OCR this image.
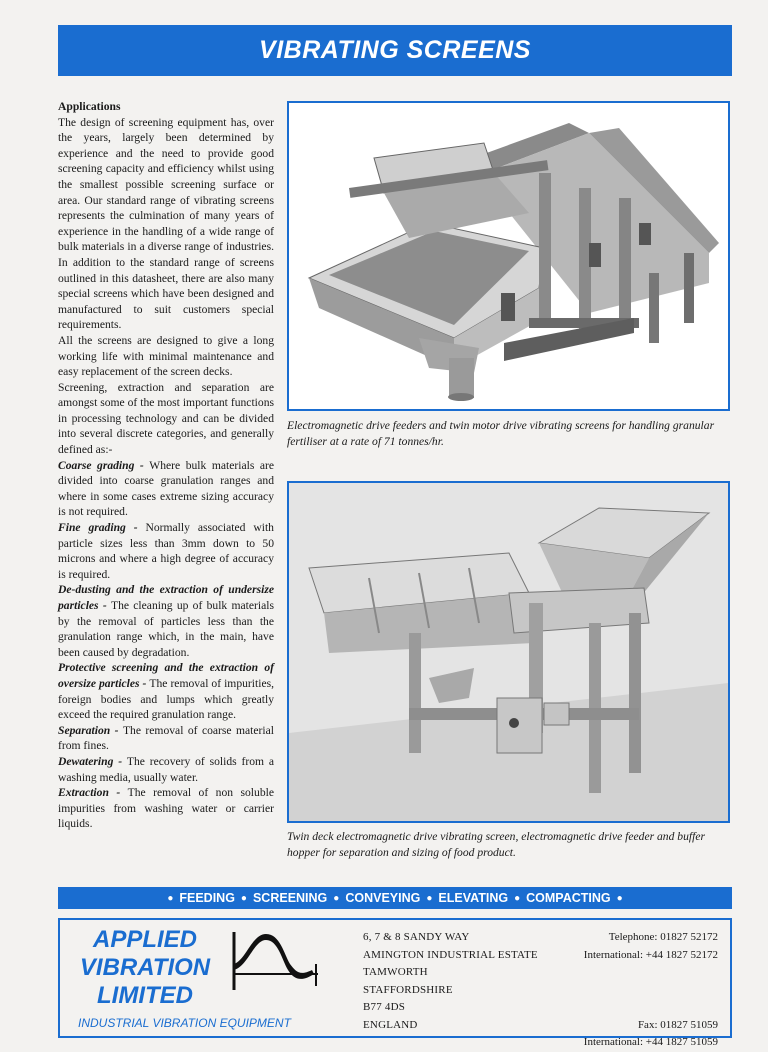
VIBRATING SCREENS

Applications

The design of screening equipment has, over the years, largely been determined by experience and the need to provide good screening capacity and efficiency whilst using the smallest possible screening surface or area. Our standard range of vibrating screens represents the culmination of many years of experience in the handling of a wide range of bulk materials in a diverse range of industries. In addition to the standard range of screens outlined in this datasheet, there are also many special screens which have been designed and manufactured to suit customers special requirements.

All the screens are designed to give a long working life with minimal maintenance and easy replacement of the screen decks.

Screening, extraction and separation are amongst some of the most important functions in processing technology and can be divided into several discrete categories, and generally defined as:-

Coarse grading - Where bulk materials are divided into coarse granulation ranges and where in some cases extreme sizing accuracy is not required.

Fine grading - Normally associated with particle sizes less than 3mm down to 50 microns and where a high degree of accuracy is required.

De-dusting and the extraction of undersize particles - The cleaning up of bulk materials by the removal of particles less than the granulation range which, in the main, have been caused by degradation.

Protective screening and the extraction of oversize particles - The removal of impurities, foreign bodies and lumps which greatly exceed the required granulation range.

Separation - The removal of coarse material from fines.

Dewatering - The recovery of solids from a washing media, usually water.

Extraction - The removal of non soluble impurities from washing water or carrier liquids.

Electromagnetic drive feeders and twin motor drive vibrating screens for handling granular fertiliser at a rate of 71 tonnes/hr.
Twin deck electromagnetic drive vibrating screen, electromagnetic drive feeder and buffer hopper for separation and sizing of food product.
● FEEDING ● SCREENING ● CONVEYING ● ELEVATING ● COMPACTING ●
APPLIED
VIBRATION
LIMITED
INDUSTRIAL VIBRATION EQUIPMENT
6, 7 & 8 SANDY WAY
AMINGTON INDUSTRIAL ESTATE
TAMWORTH
STAFFORDSHIRE
B77 4DS
ENGLAND
Telephone: 01827 52172
International: +44 1827 52172
Fax: 01827 51059
International: +44 1827 51059
